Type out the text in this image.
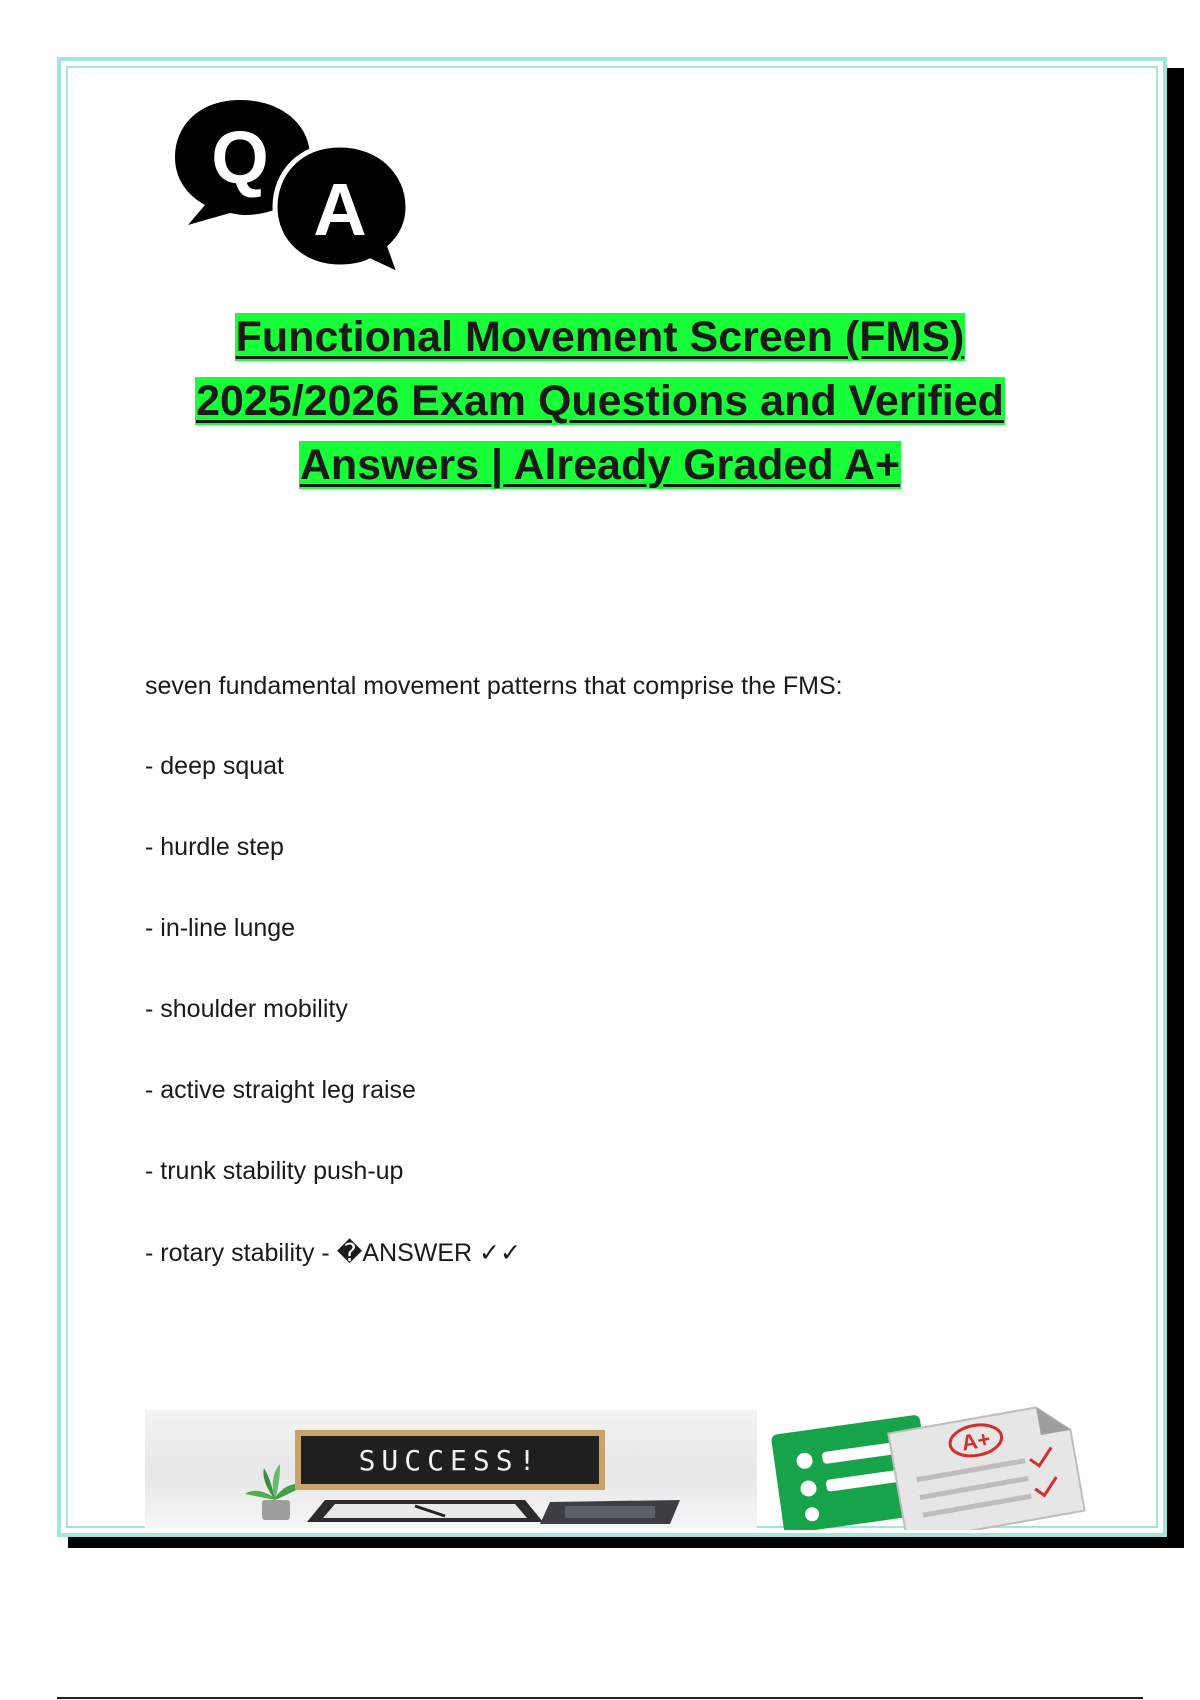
Q
A
Functional Movement Screen (FMS)
2025/2026 Exam Questions and Verified
Answers | Already Graded A+

seven fundamental movement patterns that comprise the FMS:

- deep squat

- hurdle step

- in-line lunge

- shoulder mobility

- active straight leg raise

- trunk stability push-up

- rotary stability - �ANSWER ✓✓

SUCCESS!
A+
